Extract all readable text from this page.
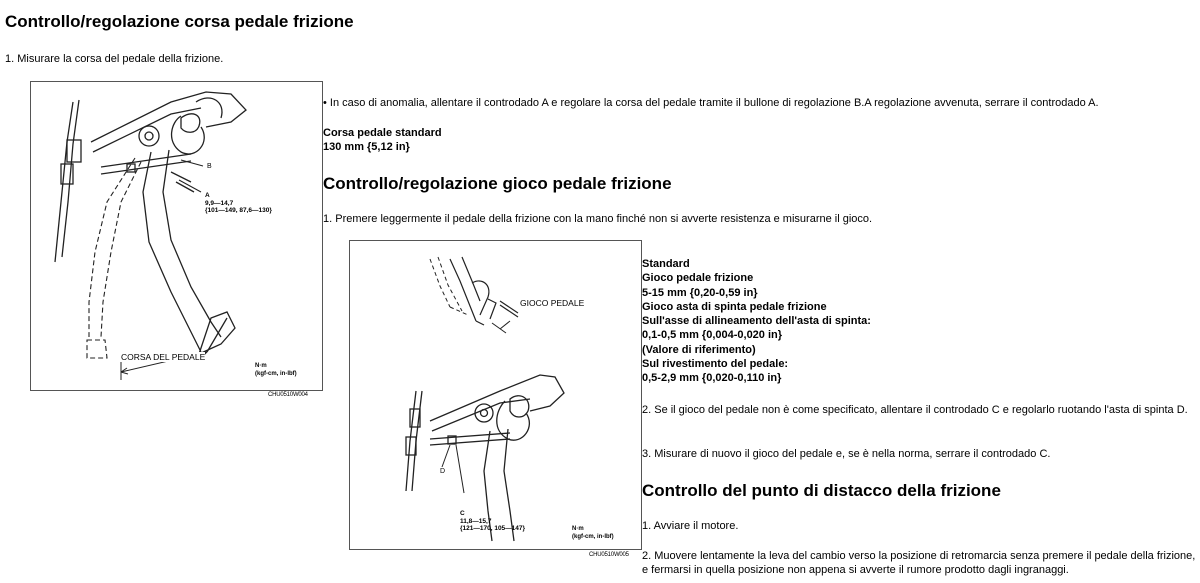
Controllo/regolazione corsa pedale frizione
1. Misurare la corsa del pedale della frizione.
B
A
9,9—14,7
{101—149, 87,6—130}
CORSA DEL PEDALE
N·m
(kgf-cm, in-lbf)
CHU0510W004
• In caso di anomalia, allentare il controdado A e regolare la corsa del pedale tramite il bullone di regolazione B.A regolazione avvenuta, serrare il controdado A.
Corsa pedale standard
130 mm {5,12 in}
Controllo/regolazione gioco pedale frizione
1. Premere leggermente il pedale della frizione con la mano finché non si avverte resistenza e misurarne il gioco.
GIOCO PEDALE
D
C
11,8—15,7
{121—170, 105—147}	N·m
(kgf-cm, in-lbf)
CHU0510W005
Standard
Gioco pedale frizione
5-15 mm {0,20-0,59 in}
Gioco asta di spinta pedale frizione
Sull'asse di allineamento dell'asta di spinta:
0,1-0,5 mm {0,004-0,020 in}
(Valore di riferimento)
Sul rivestimento del pedale:
0,5-2,9 mm {0,020-0,110 in}
2. Se il gioco del pedale non è come specificato, allentare il controdado C e regolarlo ruotando l'asta di spinta D.
3. Misurare di nuovo il gioco del pedale e, se è nella norma, serrare il controdado C.
Controllo del punto di distacco della frizione
1. Avviare il motore.
2. Muovere lentamente la leva del cambio verso la posizione di retromarcia senza premere il pedale della frizione, e fermarsi in quella posizione non appena si avverte il rumore prodotto dagli ingranaggi.
